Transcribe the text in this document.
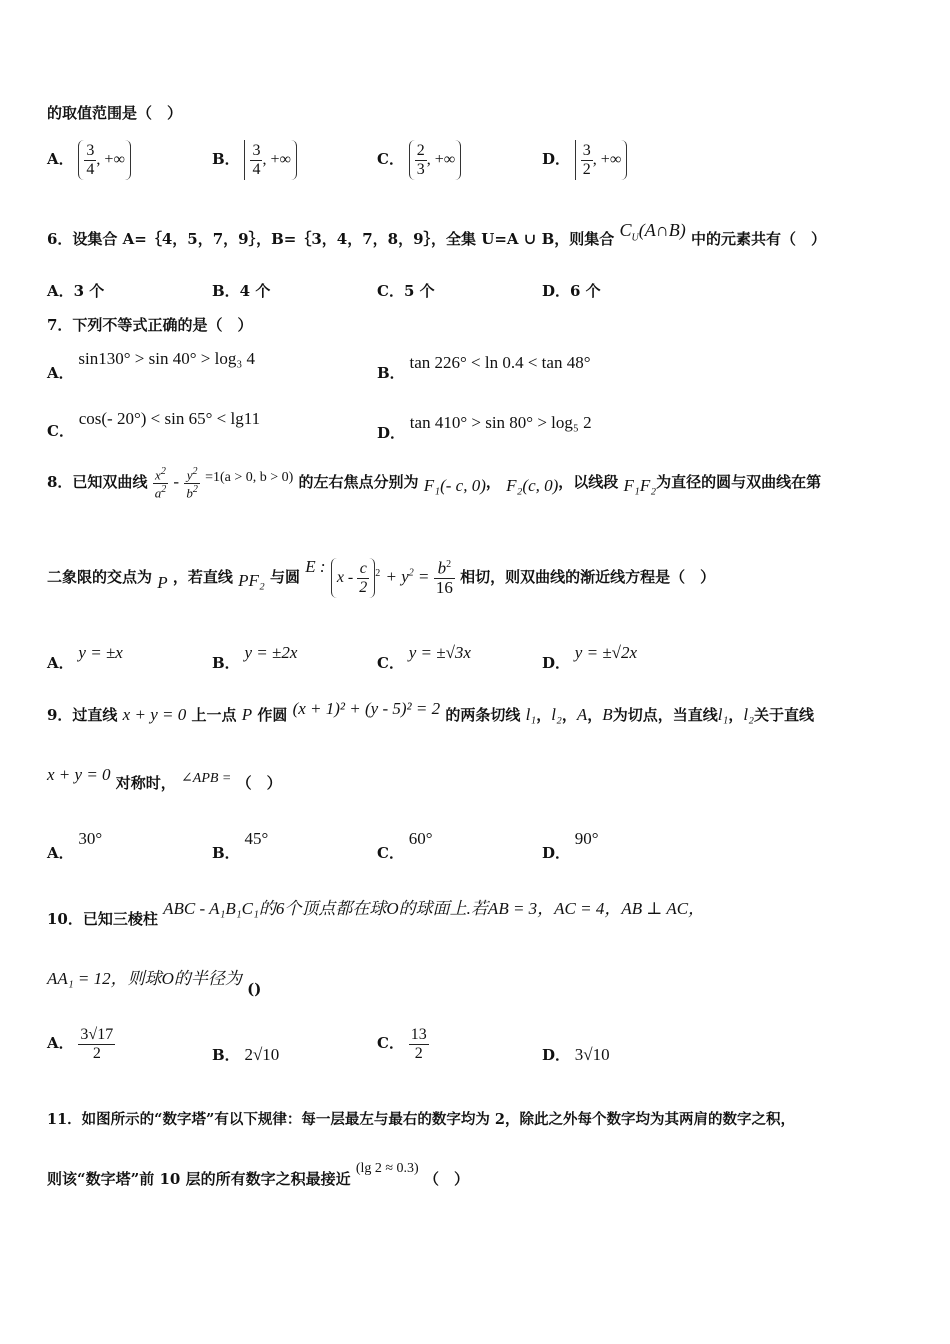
的取值范围是（　）
A． $\frac{3}{4}$ , +∞	B． $\frac{3}{4}$ , +∞	C． $\frac{2}{3}$ , +∞	D． $\frac{3}{2}$ , +∞
6．设集合 A=｛4，5，7，9｝，B=｛3，4，7，8，9｝，全集 U=A ∪ B，则集合 $C_U(A\cap B)$ 中的元素共有（　）
A．3 个	B．4 个	C．5 个	D．6 个
7．下列不等式正确的是（　）
A． sin130° > sin 40° > log₃ 4
B． tan 226° < ln 0.4 < tan 48°
C． cos(- 20°) < sin 65° < lg11
D． tan 410° > sin 80° > log₅ 2
8．已知双曲线 $\frac{x^2}{a^2} - \frac{y^2}{b^2} =1(a > 0$, b > 0) 的左右焦点分别为 F₁(- c, 0)， F₂(c, 0)，以线段 F₁F₂为直径的圆与双曲线在第
二象限的交点为 P ，若直线 PF₂ 与圆 E : $x - \frac{c}{2} ^2 + y^2 = \frac{b^2}{16}$ 相切，则双曲线的渐近线方程是（　）
A． y = ±x
B． y = ±2x
C． y = ±√3x
D． y = ±√2x
9．过直线 x + y = 0 上一点 P 作圆 (x + 1)² + (y - 5)² = 2 的两条切线 l₁，l₂，A，B为切点，当直线l₁，l₂关于直线
x + y = 0 对称时， ∠APB = （　）
A． 30°
B． 45°
C． 60°
D． 90°
10．已知三棱柱 ABC - A₁B₁C₁的6个顶点都在球O的球面上.若AB = 3，AC = 4，AB ⊥ AC，
AA₁ = 12，则球O的半径为 ()
A． $\frac{3√17}{2}$	B． 2√10
C． $\frac{13}{2}$	D． 3√10
11．如图所示的“数字塔”有以下规律：每一层最左与最右的数字均为 2，除此之外每个数字均为其两肩的数字之积，
则该“数字塔”前 10 层的所有数字之积最接近 (lg 2 ≈ 0.3) （　）
